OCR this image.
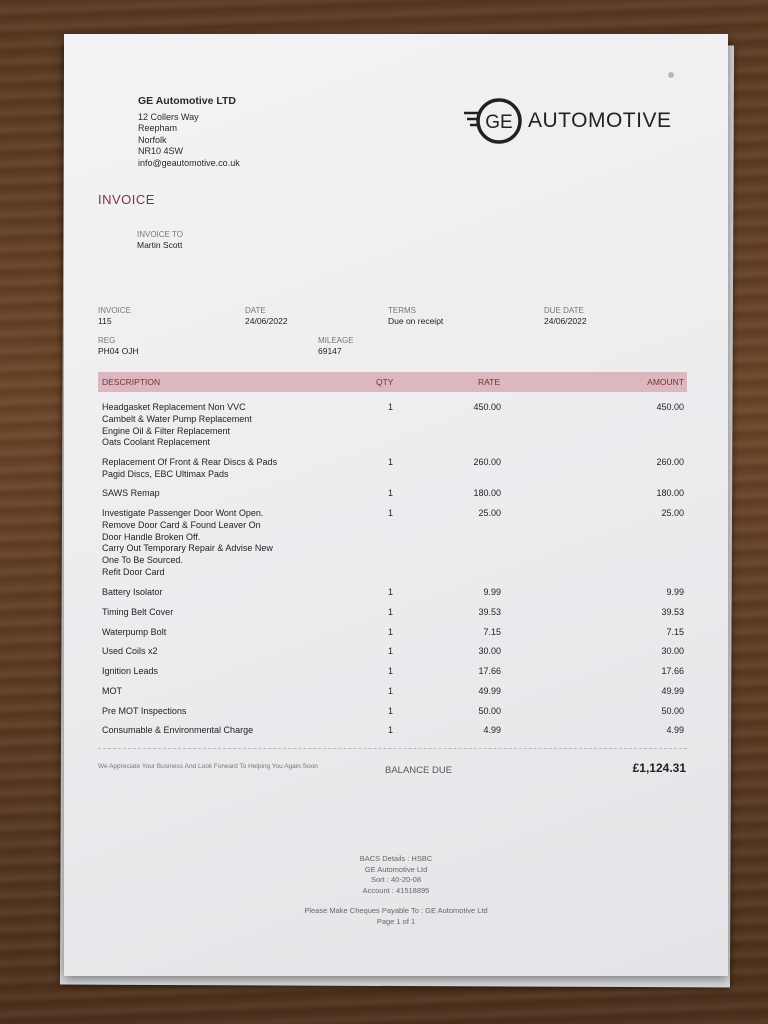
GE Automotive LTD
12 Collers Way
Reepham
Norfolk
NR10 4SW
info@geautomotive.co.uk
GE AUTOMOTIVE
INVOICE
INVOICE TO
Martin Scott
INVOICE
115
DATE
24/06/2022
TERMS
Due on receipt
DUE DATE
24/06/2022
REG
PH04 OJH
MILEAGE
69147
DESCRIPTION	QTY	RATE	AMOUNT
Headgasket Replacement Non VVC
Cambelt & Water Pump Replacement
Engine Oil & Filter Replacement
Oats Coolant Replacement
1	450.00	450.00
Replacement Of Front & Rear Discs & Pads
Pagid Discs, EBC Ultimax Pads
1	260.00	260.00
SAWS Remap	1	180.00	180.00
Investigate Passenger Door Wont Open.
Remove Door Card & Found Leaver On
Door Handle Broken Off.
Carry Out Temporary Repair & Advise New
One To Be Sourced.
Refit Door Card
1	25.00	25.00
Battery Isolator	1	9.99	9.99
Timing Belt Cover	1	39.53	39.53
Waterpump Bolt	1	7.15	7.15
Used Coils x2	1	30.00	30.00
Ignition Leads	1	17.66	17.66
MOT	1	49.99	49.99
Pre MOT Inspections	1	50.00	50.00
Consumable & Environmental Charge	1	4.99	4.99
We Appreciate Your Business And Look Forward To Helping You Again Soon	BALANCE DUE	£1,124.31
BACS Details : HSBC
GE Automotive Ltd
Sort : 40-20-08
Account : 41518895
Please Make Cheques Payable To : GE Automotive Ltd
Page 1 of 1
